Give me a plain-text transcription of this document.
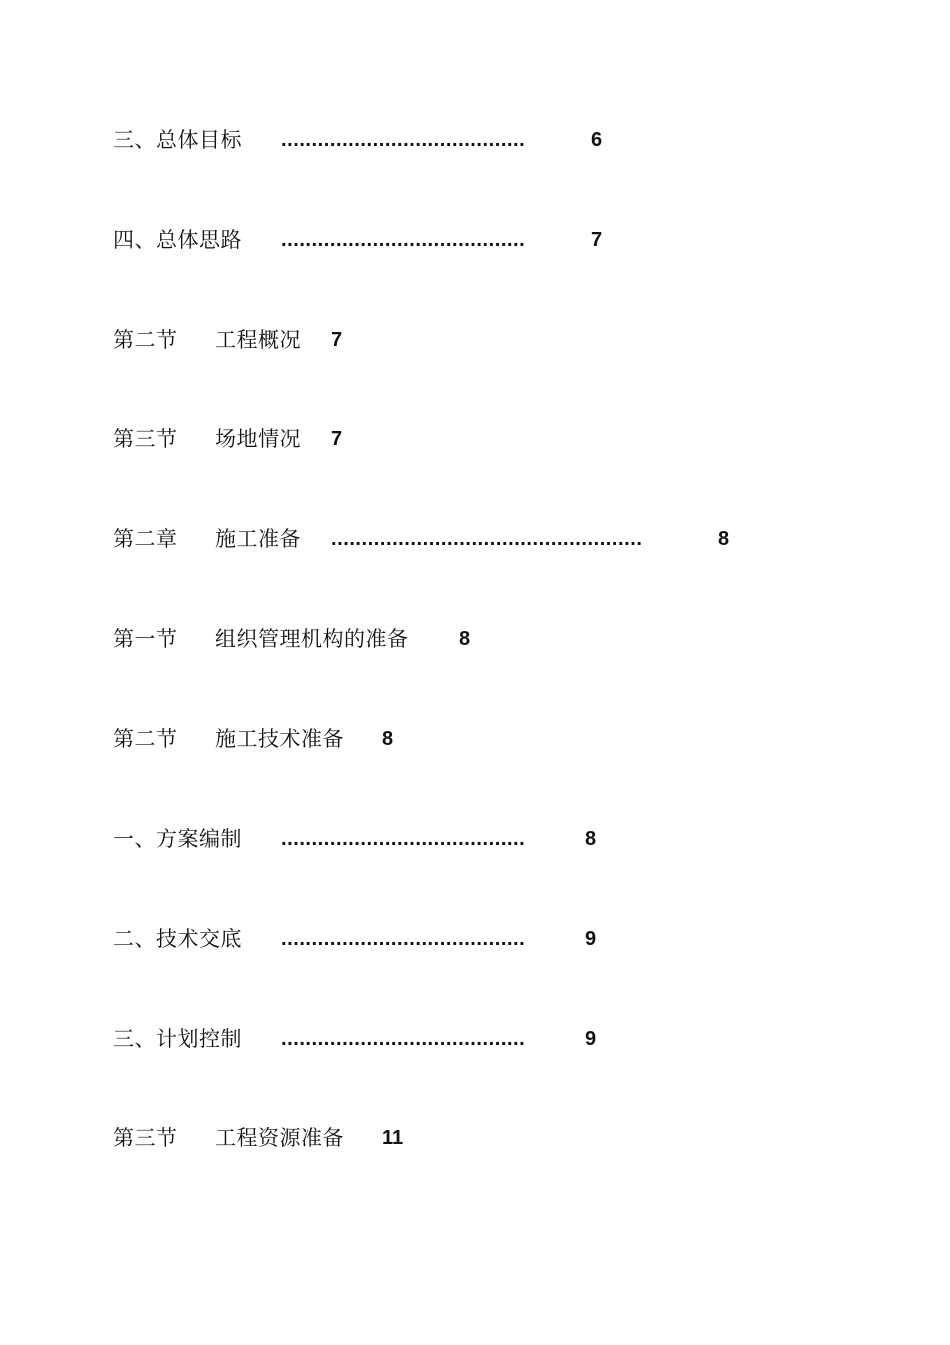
三、总体目标 ........................................	6
四、总体思路 ........................................	7
第二节 工程概况 7
第三节 场地情况 7
第二章 施工准备 ...................................................	8
第一节 组织管理机构的准备	8
第二节 施工技术准备 8
一、方案编制 ........................................	8
二、技术交底 ........................................	9
三、计划控制 ........................................	9
第三节 工程资源准备 11
